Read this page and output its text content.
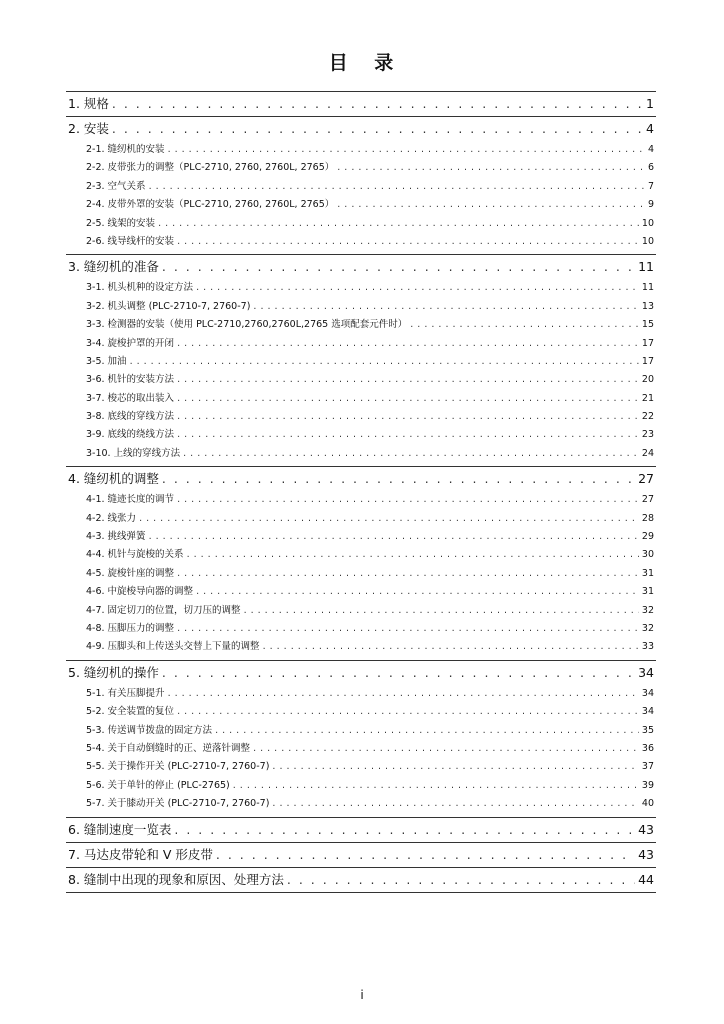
目 录
1. 规格 . . .	1
2. 安装 . . .	4
2-1. 缝纫机的安装 . . .	4
2-2. 皮带张力的调整（PLC-2710, 2760, 2760L, 2765） . . .	6
2-3. 空气关系 . . .	7
2-4. 皮带外罩的安装（PLC-2710, 2760, 2760L, 2765） . . .	9
2-5. 线架的安装 . . .	10
2-6. 线导线杆的安装 . . .	10
3. 缝纫机的准备 . . .	11
3-1. 机头机种的设定方法 . . .	11
3-2. 机头调整 (PLC-2710-7, 2760-7) . . .	13
3-3. 检测器的安装（使用 PLC-2710,2760,2760L,2765 选项配套元件时） . . .	15
3-4. 旋梭护罩的开闭 . . .	17
3-5. 加油 . . .	17
3-6. 机针的安装方法 . . .	20
3-7. 梭芯的取出装入 . . .	21
3-8. 底线的穿线方法 . . .	22
3-9. 底线的绕线方法 . . .	23
3-10. 上线的穿线方法 . . .	24
4. 缝纫机的调整 . . .	27
4-1. 缝迹长度的调节 . . .	27
4-2. 线张力 . . .	28
4-3. 挑线弹簧 . . .	29
4-4. 机针与旋梭的关系 . . .	30
4-5. 旋梭针座的调整 . . .	31
4-6. 中旋梭导向器的调整 . . .	31
4-7. 固定切刀的位置，切刀压的调整 . . .	32
4-8. 压脚压力的调整 . . .	32
4-9. 压脚头和上传送头交替上下量的调整 . . .	33
5. 缝纫机的操作 . . .	34
5-1. 有关压脚提升 . . .	34
5-2. 安全装置的复位 . . .	34
5-3. 传送调节拨盘的固定方法 . . .	35
5-4. 关于自动倒缝时的正、逆落针调整 . . .	36
5-5. 关于操作开关 (PLC-2710-7, 2760-7) . . .	37
5-6. 关于单针的停止 (PLC-2765) . . .	39
5-7. 关于膝动开关 (PLC-2710-7, 2760-7) . . .	40
6. 缝制速度一览表 . . .	43
7. 马达皮带轮和 V 形皮带 . . .	43
8. 缝制中出现的现象和原因、处理方法 . . .	44
i
